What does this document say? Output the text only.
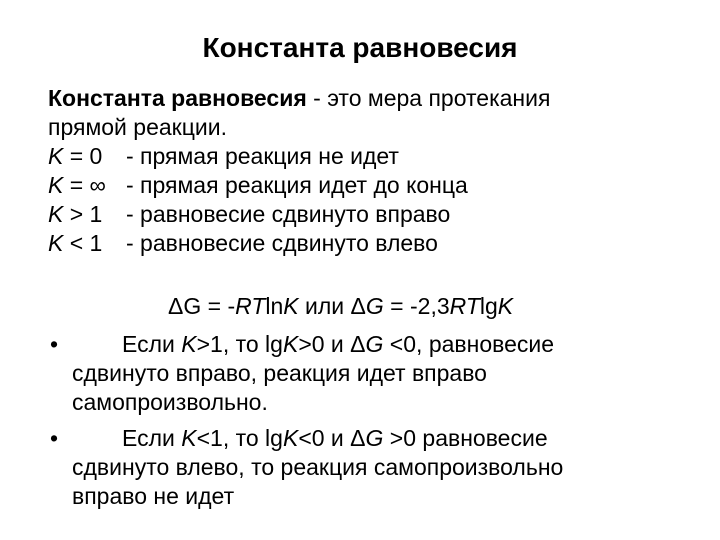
Константа равновесия
Константа равновесия - это мера протекания
прямой реакции.
K = 0 - прямая реакция не идет
K = ∞ - прямая реакция идет до конца
K > 1 - равновесие сдвинуто вправо
K < 1 - равновесие сдвинуто влево
ΔG = -RTlnK или ΔG = -2,3RTlgK
•	Если K>1, то lgK>0 и ΔG <0, равновесие
сдвинуто вправо, реакция идет вправо
самопроизвольно.
•	Если K<1, то lgK<0 и ΔG >0 равновесие
сдвинуто влево, то реакция самопроизвольно
вправо не идет
